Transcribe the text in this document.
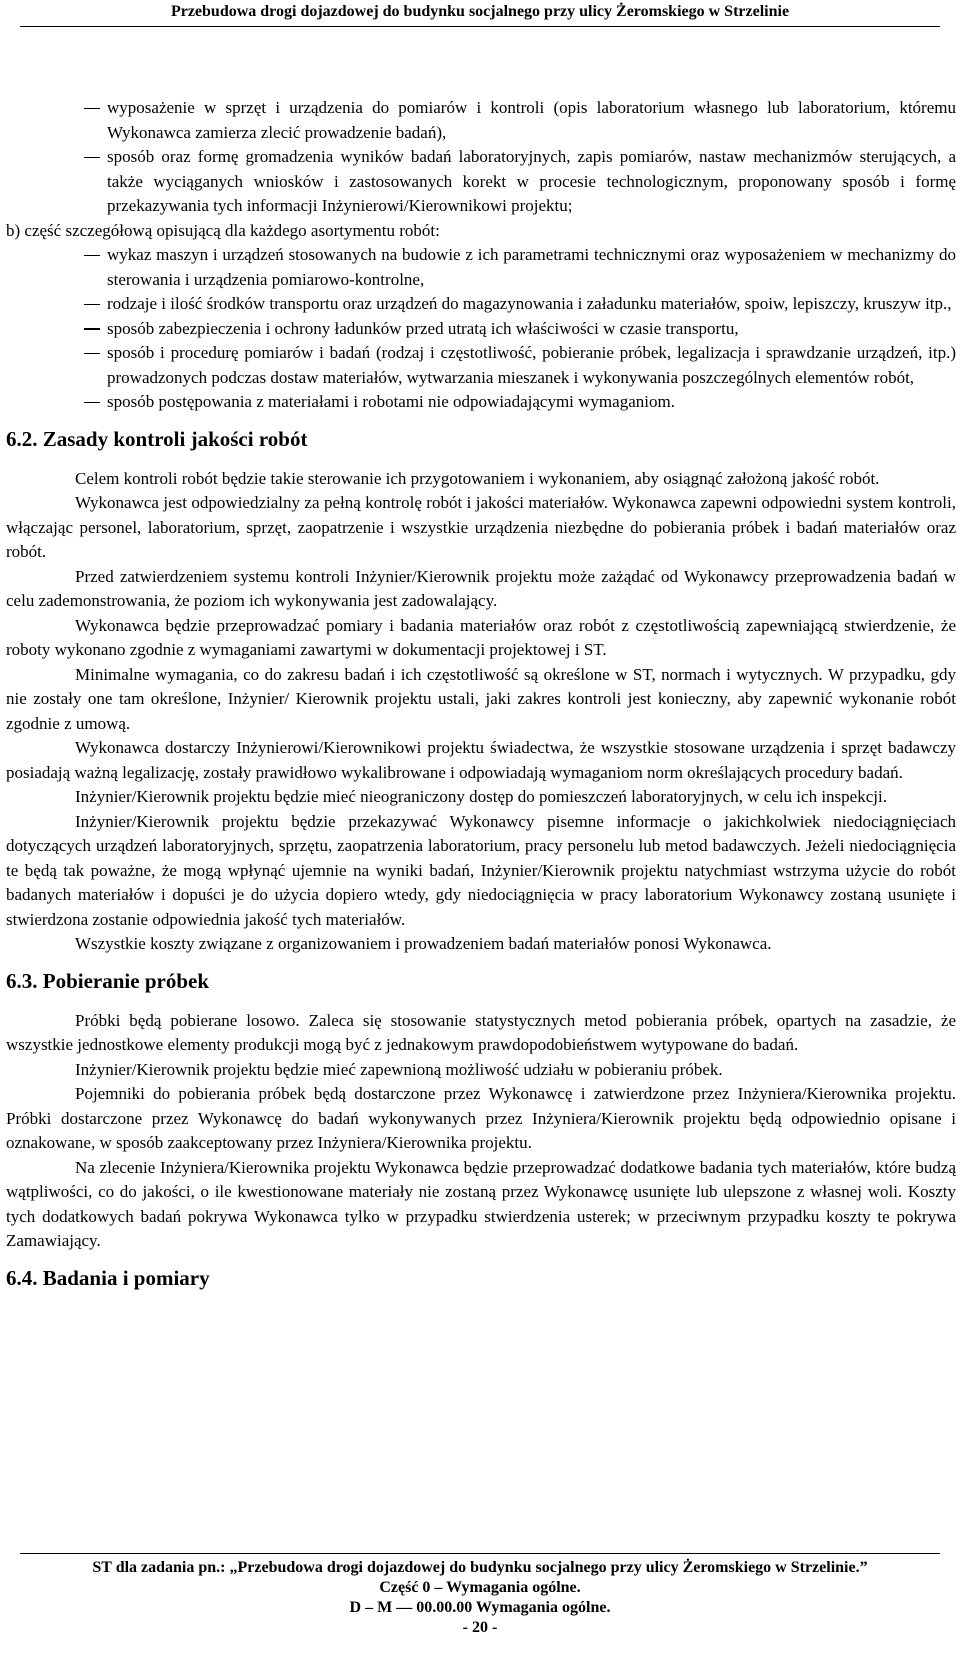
Przebudowa drogi dojazdowej do budynku socjalnego przy ulicy Żeromskiego w Strzelinie
wyposażenie w sprzęt i urządzenia do pomiarów i kontroli (opis laboratorium własnego lub laboratorium, któremu Wykonawca zamierza zlecić prowadzenie badań),
sposób oraz formę gromadzenia wyników badań laboratoryjnych, zapis pomiarów, nastaw mechanizmów sterujących, a także wyciąganych wniosków i zastosowanych korekt w procesie technologicznym, proponowany sposób i formę przekazywania tych informacji Inżynierowi/Kierownikowi projektu;
b) część szczegółową opisującą dla każdego asortymentu robót:
wykaz maszyn i urządzeń stosowanych na budowie z ich parametrami technicznymi oraz wyposażeniem w mechanizmy do sterowania i urządzenia pomiarowo-kontrolne,
rodzaje i ilość środków transportu oraz urządzeń do magazynowania i załadunku materiałów, spoiw, lepiszczy, kruszyw itp.,
sposób zabezpieczenia i ochrony ładunków przed utratą ich właściwości w czasie transportu,
sposób i procedurę pomiarów i badań (rodzaj i częstotliwość, pobieranie próbek, legalizacja i sprawdzanie urządzeń, itp.) prowadzonych podczas dostaw materiałów, wytwarzania mieszanek i wykonywania poszczególnych elementów robót,
sposób postępowania z materiałami i robotami nie odpowiadającymi wymaganiom.
6.2. Zasady kontroli jakości robót
Celem kontroli robót będzie takie sterowanie ich przygotowaniem i wykonaniem, aby osiągnąć założoną jakość robót.
Wykonawca jest odpowiedzialny za pełną kontrolę robót i jakości materiałów. Wykonawca zapewni odpowiedni system kontroli, włączając personel, laboratorium, sprzęt, zaopatrzenie i wszystkie urządzenia niezbędne do pobierania próbek i badań materiałów oraz robót.
Przed zatwierdzeniem systemu kontroli Inżynier/Kierownik projektu może zażądać od Wykonawcy przeprowadzenia badań w celu zademonstrowania, że poziom ich wykonywania jest zadowalający.
Wykonawca będzie przeprowadzać pomiary i badania materiałów oraz robót z częstotliwością zapewniającą stwierdzenie, że roboty wykonano zgodnie z wymaganiami zawartymi w dokumentacji projektowej i ST.
Minimalne wymagania, co do zakresu badań i ich częstotliwość są określone w ST, normach i wytycznych. W przypadku, gdy nie zostały one tam określone, Inżynier/ Kierownik projektu ustali, jaki zakres kontroli jest konieczny, aby zapewnić wykonanie robót zgodnie z umową.
Wykonawca dostarczy Inżynierowi/Kierownikowi projektu świadectwa, że wszystkie stosowane urządzenia i sprzęt badawczy posiadają ważną legalizację, zostały prawidłowo wykalibrowane i odpowiadają wymaganiom norm określających procedury badań.
Inżynier/Kierownik projektu będzie mieć nieograniczony dostęp do pomieszczeń laboratoryjnych, w celu ich inspekcji.
Inżynier/Kierownik projektu będzie przekazywać Wykonawcy pisemne informacje o jakichkolwiek niedociągnięciach dotyczących urządzeń laboratoryjnych, sprzętu, zaopatrzenia laboratorium, pracy personelu lub metod badawczych. Jeżeli niedociągnięcia te będą tak poważne, że mogą wpłynąć ujemnie na wyniki badań, Inżynier/Kierownik projektu natychmiast wstrzyma użycie do robót badanych materiałów i dopuści je do użycia dopiero wtedy, gdy niedociągnięcia w pracy laboratorium Wykonawcy zostaną usunięte i stwierdzona zostanie odpowiednia jakość tych materiałów.
Wszystkie koszty związane z organizowaniem i prowadzeniem badań materiałów ponosi Wykonawca.
6.3. Pobieranie próbek
Próbki będą pobierane losowo. Zaleca się stosowanie statystycznych metod pobierania próbek, opartych na zasadzie, że wszystkie jednostkowe elementy produkcji mogą być z jednakowym prawdopodobieństwem wytypowane do badań.
Inżynier/Kierownik projektu będzie mieć zapewnioną możliwość udziału w pobieraniu próbek.
Pojemniki do pobierania próbek będą dostarczone przez Wykonawcę i zatwierdzone przez Inżyniera/Kierownika projektu. Próbki dostarczone przez Wykonawcę do badań wykonywanych przez Inżyniera/Kierownik projektu będą odpowiednio opisane i oznakowane, w sposób zaakceptowany przez Inżyniera/Kierownika projektu.
Na zlecenie Inżyniera/Kierownika projektu Wykonawca będzie przeprowadzać dodatkowe badania tych materiałów, które budzą wątpliwości, co do jakości, o ile kwestionowane materiały nie zostaną przez Wykonawcę usunięte lub ulepszone z własnej woli. Koszty tych dodatkowych badań pokrywa Wykonawca tylko w przypadku stwierdzenia usterek; w przeciwnym przypadku koszty te pokrywa Zamawiający.
6.4. Badania i pomiary
ST dla zadania pn.: „Przebudowa drogi dojazdowej do budynku socjalnego przy ulicy Żeromskiego w Strzelinie.”
Część 0 – Wymagania ogólne.
D – M — 00.00.00 Wymagania ogólne.
- 20 -
